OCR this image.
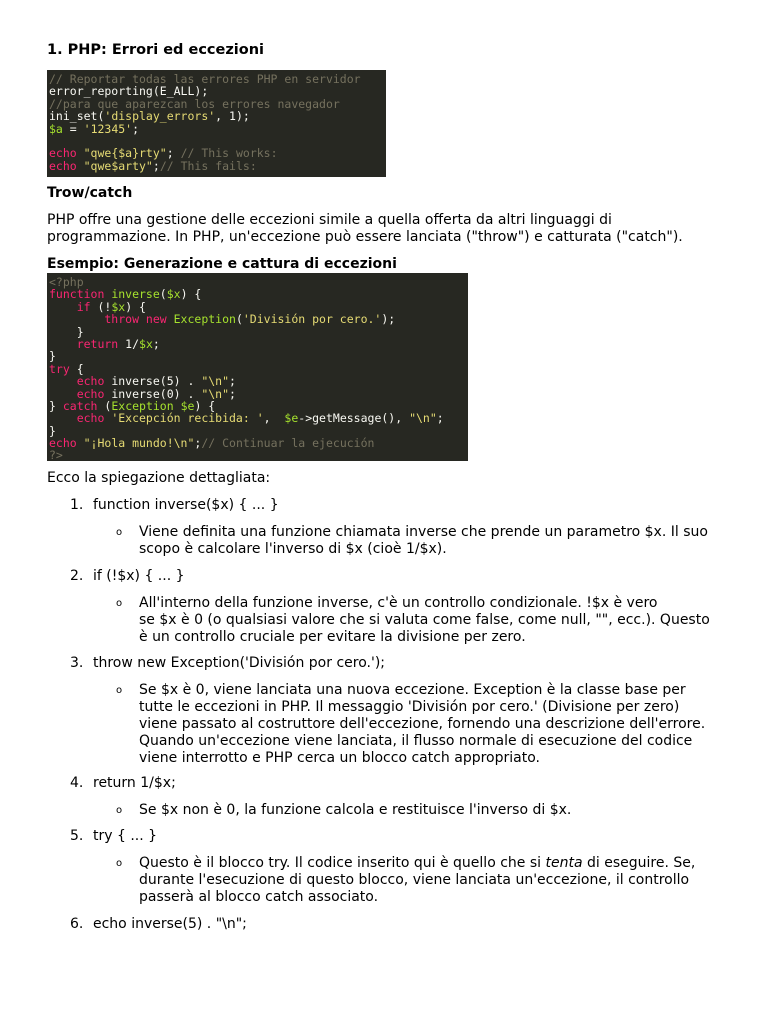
1. PHP: Errori ed eccezioni
// Reportar todas las errores PHP en servidor
error_reporting(E_ALL);
//para que aparezcan los errores navegador
ini_set('display_errors', 1);
$a = '12345';

echo "qwe{$a}rty"; // This works:
echo "qwe$arty";// This fails:
Trow/catch
PHP offre una gestione delle eccezioni simile a quella offerta da altri linguaggi di
programmazione. In PHP, un'eccezione può essere lanciata ("throw") e catturata ("catch").
Esempio: Generazione e cattura di eccezioni
<?php
function inverse($x) {
if (!$x) {
throw new Exception('División por cero.');
}
return 1/$x;
}
try {
echo inverse(5) . "\n";
echo inverse(0) . "\n";
} catch (Exception $e) {
echo 'Excepción recibida: ',  $e->getMessage(), "\n";
}
echo "¡Hola mundo!\n";// Continuar la ejecución
?>
Ecco la spiegazione dettagliata:
1. function inverse($x) { ... }
o Viene definita una funzione chiamata inverse che prende un parametro $x. Il suo
scopo è calcolare l'inverso di $x (cioè 1/$x).
2. if (!$x) { ... }
o All'interno della funzione inverse, c'è un controllo condizionale. !$x è vero
se $x è 0 (o qualsiasi valore che si valuta come false, come null, "", ecc.). Questo
è un controllo cruciale per evitare la divisione per zero.
3. throw new Exception('División por cero.');
o Se $x è 0, viene lanciata una nuova eccezione. Exception è la classe base per
tutte le eccezioni in PHP. Il messaggio 'División por cero.' (Divisione per zero)
viene passato al costruttore dell'eccezione, fornendo una descrizione dell'errore.
Quando un'eccezione viene lanciata, il flusso normale di esecuzione del codice
viene interrotto e PHP cerca un blocco catch appropriato.
4. return 1/$x;
o Se $x non è 0, la funzione calcola e restituisce l'inverso di $x.
5. try { ... }
o Questo è il blocco try. Il codice inserito qui è quello che si tenta di eseguire. Se,
durante l'esecuzione di questo blocco, viene lanciata un'eccezione, il controllo
passerà al blocco catch associato.
6. echo inverse(5) . "\n";
